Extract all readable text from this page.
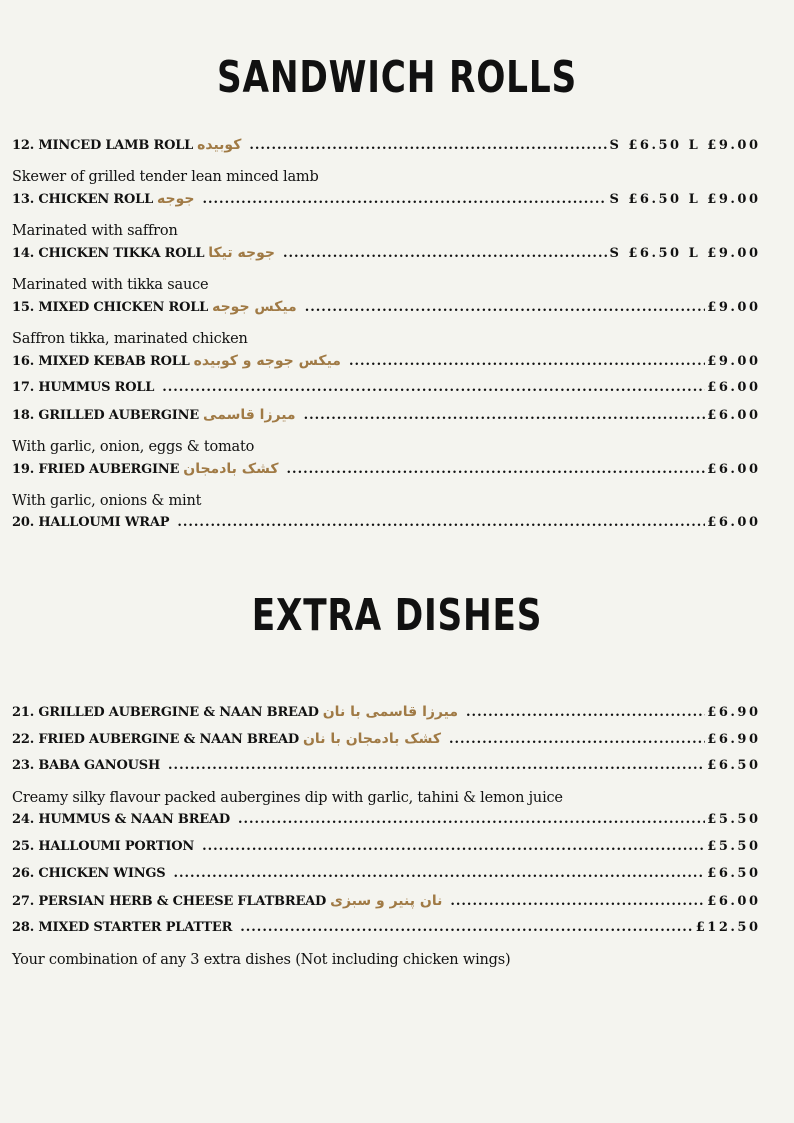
SANDWICH ROLLS
12. MINCED LAMB ROLL کوبیده .....	S £6.50 L £9.00
Skewer of grilled tender lean minced lamb
13. CHICKEN ROLL جوجه .....	S £6.50 L £9.00
Marinated with saffron
14. CHICKEN TIKKA ROLL جوجه تیکا .....	S £6.50 L £9.00
Marinated with tikka sauce
15. MIXED CHICKEN ROLL میکس جوجه .....	£9.00
Saffron tikka, marinated chicken
16. MIXED KEBAB ROLL میکس جوجه و کوبیده .....	£9.00
17. HUMMUS ROLL .....	£6.00
18. GRILLED AUBERGINE میرزا قاسمی .....	£6.00
With garlic, onion, eggs & tomato
19. FRIED AUBERGINE کشک بادمجان .....	£6.00
With garlic, onions & mint
20. HALLOUMI WRAP .....	£6.00
EXTRA DISHES
21. GRILLED AUBERGINE & NAAN BREAD میرزا قاسمی با نان .....	£6.90
22. FRIED AUBERGINE & NAAN BREAD کشک بادمجان با نان .....	£6.90
23. BABA GANOUSH .....	£6.50
Creamy silky flavour packed aubergines dip with garlic, tahini & lemon juice
24. HUMMUS & NAAN BREAD .....	£5.50
25. HALLOUMI PORTION .....	£5.50
26. CHICKEN WINGS .....	£6.50
27. PERSIAN HERB & CHEESE FLATBREAD نان پنیر و سبزی .....	£6.00
28. MIXED STARTER PLATTER .....	£12.50
Your combination of any 3 extra dishes (Not including chicken wings)
